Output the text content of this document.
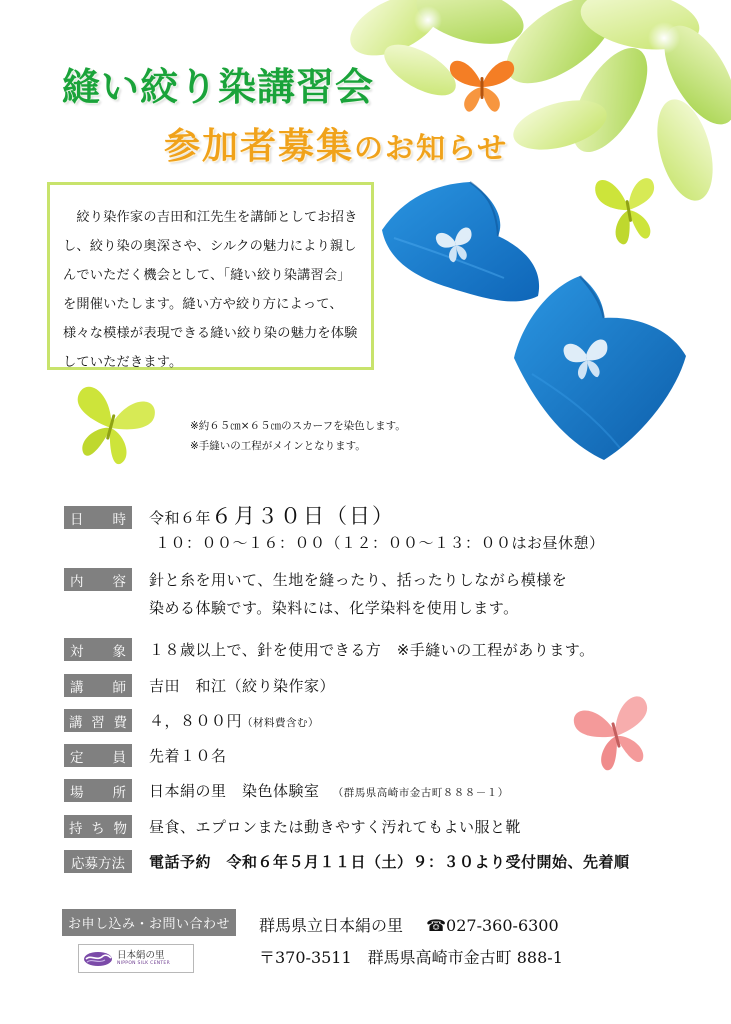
縫い絞り染講習会
参加者募集のお知らせ

　絞り染作家の吉田和江先生を講師としてお招きし、絞り染の奥深さや、シルクの魅力により親しんでいただく機会として、「縫い絞り染講習会」を開催いたします。縫い方や絞り方によって、様々な模様が表現できる縫い絞り染の魅力を体験していただきます。

※約６５㎝×６５㎝のスカーフを染色します。
※手縫いの工程がメインとなります。
日 時 令和６年６月３０日（日）
１０：００～１６：００（１２：００～１３：００はお昼休憩）
内 容 針と糸を用いて、生地を縫ったり、括ったりしながら模様を
染める体験です。染料には、化学染料を使用します。
対 象 １８歳以上で、針を使用できる方　※手縫いの工程があります。
講 師 吉田　和江（絞り染作家）
講 習 費 ４，８００円（材料費含む）
定 員 先着１０名
場 所 日本絹の里　染色体験室 （群馬県高崎市金古町８８８－１）
持 ち 物 昼食、エプロンまたは動きやすく汚れてもよい服と靴
応募方法	電話予約　令和６年５月１１日（土）９：３０より受付開始、先着順
お申し込み・お問い合わせ
日本絹の里
NIPPON SILK CENTER
群馬県立日本絹の里 ☎027-360-6300
〒370-3511　群馬県高崎市金古町 888-1
